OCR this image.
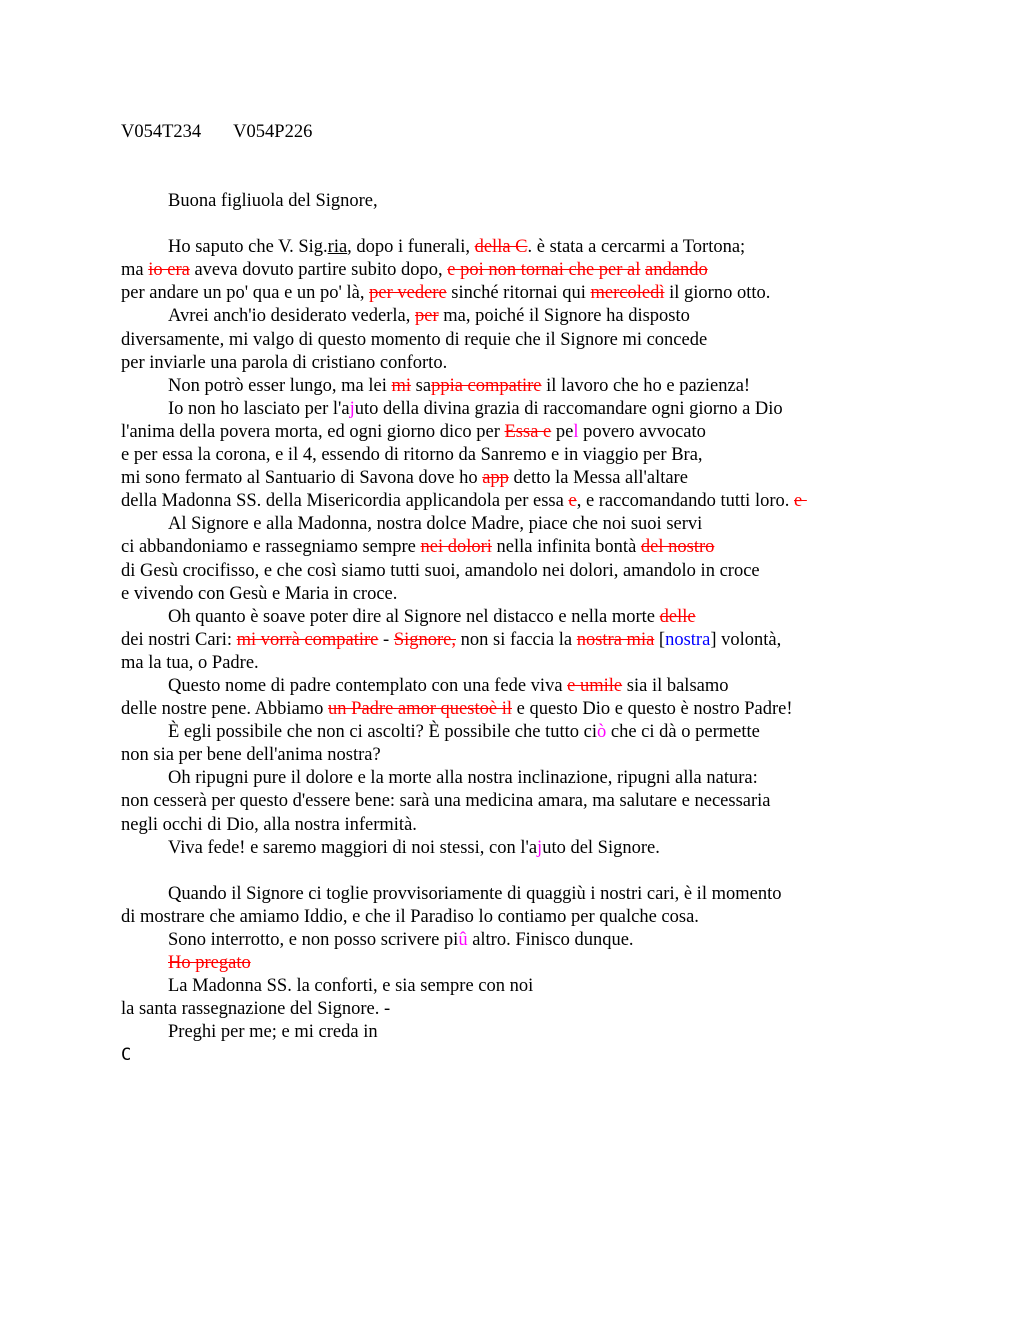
V054T234 V054P226
Buona figliuola del Signore,
Ho saputo che V. Sig.ria, dopo i funerali, della C. è stata a cercarmi a Tortona;
ma io era aveva dovuto partire subito dopo, e poi non tornai che per al andando
per andare un po' qua e un po' là, per vedere sinché ritornai qui mercoledì il giorno otto.
Avrei anch'io desiderato vederla, per ma, poiché il Signore ha disposto
diversamente, mi valgo di questo momento di requie che il Signore mi concede
per inviarle una parola di cristiano conforto.
Non potrò esser lungo, ma lei mi sappia compatire il lavoro che ho e pazienza!
Io non ho lasciato per l'ajuto della divina grazia di raccomandare ogni giorno a Dio
l'anima della povera morta, ed ogni giorno dico per Essa e pel povero avvocato
e per essa la corona, e il 4, essendo di ritorno da Sanremo e in viaggio per Bra,
mi sono fermato al Santuario di Savona dove ho app detto la Messa all'altare
della Madonna SS. della Misericordia applicandola per essa e, e raccomandando tutti loro. e
Al Signore e alla Madonna, nostra dolce Madre, piace che noi suoi servi
ci abbandoniamo e rassegniamo sempre nei dolori nella infinita bontà del nostro
di Gesù crocifisso, e che così siamo tutti suoi, amandolo nei dolori, amandolo in croce
e vivendo con Gesù e Maria in croce.
Oh quanto è soave poter dire al Signore nel distacco e nella morte delle
dei nostri Cari: mi vorrà compatire - Signore, non si faccia la nostra mia [nostra] volontà,
ma la tua, o Padre.
Questo nome di padre contemplato con una fede viva e umile sia il balsamo
delle nostre pene. Abbiamo un Padre amor questoè il e questo Dio e questo è nostro Padre!
È egli possibile che non ci ascolti? È possibile che tutto ciò che ci dà o permette
non sia per bene dell'anima nostra?
Oh ripugni pure il dolore e la morte alla nostra inclinazione, ripugni alla natura:
non cesserà per questo d'essere bene: sarà una medicina amara, ma salutare e necessaria
negli occhi di Dio, alla nostra infermità.
Viva fede! e saremo maggiori di noi stessi, con l'ajuto del Signore.
Quando il Signore ci toglie provvisoriamente di quaggiù i nostri cari, è il momento
di mostrare che amiamo Iddio, e che il Paradiso lo contiamo per qualche cosa.
Sono interrotto, e non posso scrivere piû altro. Finisco dunque.
Ho pregato
La Madonna SS. la conforti, e sia sempre con noi
la santa rassegnazione del Signore. -
Preghi per me; e mi creda in
C
